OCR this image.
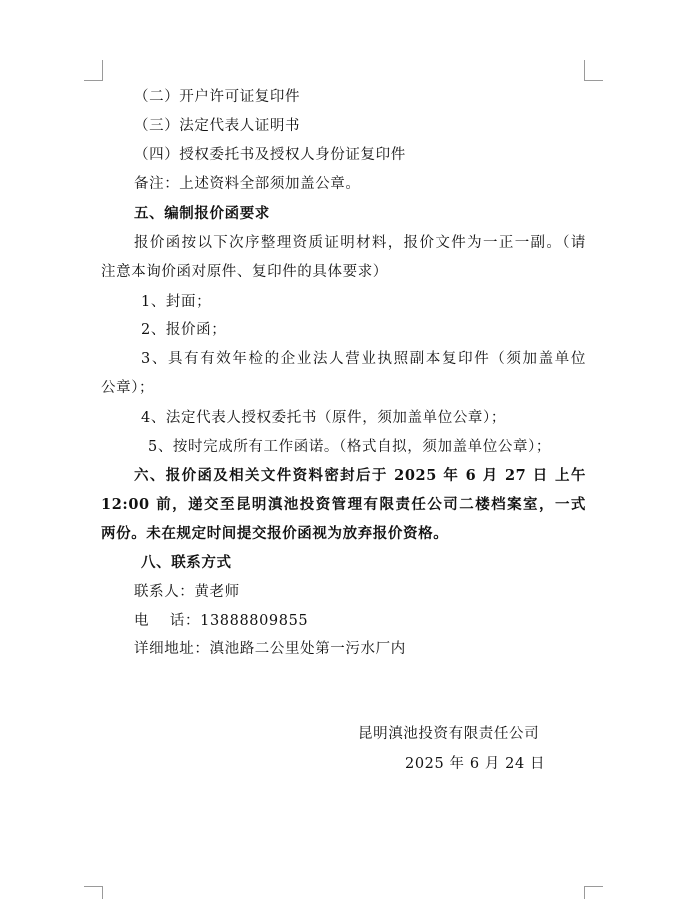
（二）开户许可证复印件
（三）法定代表人证明书
（四）授权委托书及授权人身份证复印件
备注：上述资料全部须加盖公章。
五、编制报价函要求
报价函按以下次序整理资质证明材料，报价文件为一正一副。（请
注意本询价函对原件、复印件的具体要求）
1、封面；
2、报价函；
3、具有有效年检的企业法人营业执照副本复印件（须加盖单位
公章）；
4、法定代表人授权委托书（原件，须加盖单位公章）；
5、按时完成所有工作函诺。（格式自拟，须加盖单位公章）；
六、报价函及相关文件资料密封后于 2025 年 6 月 27 日 上午
12:00 前，递交至昆明滇池投资管理有限责任公司二楼档案室，一式
两份。未在规定时间提交报价函视为放弃报价资格。
八、联系方式
联系人：黄老师
电    话：13888809855
详细地址：滇池路二公里处第一污水厂内
昆明滇池投资有限责任公司
2025 年 6 月 24 日
